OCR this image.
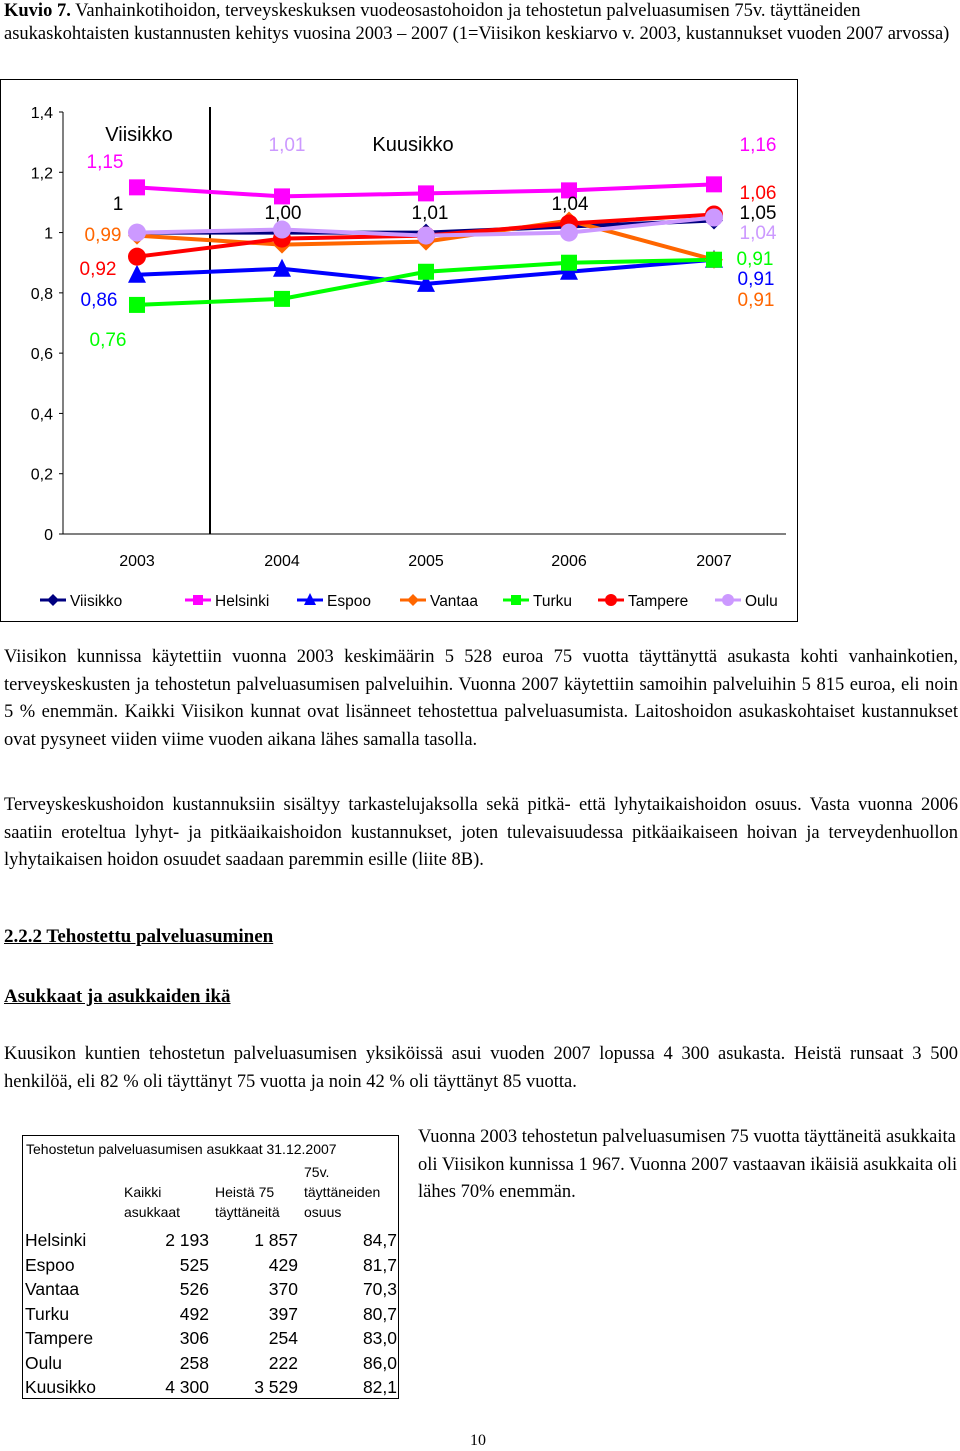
Kuvio 7. Vanhainkotihoidon, terveyskeskuksen vuodeosastohoidon ja tehostetun palveluasumisen 75v. täyttäneiden asukaskohtaisten kustannusten kehitys vuosina 2003 – 2007 (1=Viisikon keskiarvo v. 2003, kustannukset vuoden 2007 arvossa)
0
0,2
0,4
0,6
0,8
1
1,2
1,4
2003	2004	2005	2006	2007
Viisikko
1,15
1
0,99
0,92
0,86
0,76
1,01	Kuusikko	1,16
1,00	1,01	1,04
1,06
1,05
1,04
0,91
0,91
0,91
Viisikko	Helsinki	Espoo	Vantaa	Turku	Tampere	Oulu
Viisikon kunnissa käytettiin vuonna 2003 keskimäärin 5 528 euroa 75 vuotta täyttänyttä asukasta kohti vanhainkotien, terveyskeskusten ja tehostetun palveluasumisen palveluihin. Vuonna 2007 käytettiin samoihin palveluihin 5 815 euroa, eli noin 5 % enemmän. Kaikki Viisikon kunnat ovat lisänneet tehostettua palveluasumista. Laitoshoidon asukaskohtaiset kustannukset ovat pysyneet viiden viime vuoden aikana lähes samalla tasolla.
Terveyskeskushoidon kustannuksiin sisältyy tarkastelujaksolla sekä pitkä- että lyhytaikaishoidon osuus. Vasta vuonna 2006 saatiin eroteltua lyhyt- ja pitkäaikaishoidon kustannukset, joten tulevaisuudessa pitkäaikaiseen hoivan ja terveydenhuollon lyhytaikaisen hoidon osuudet saadaan paremmin esille (liite 8B).
2.2.2 Tehostettu palveluasuminen
Asukkaat ja asukkaiden ikä
Kuusikon kuntien tehostetun palveluasumisen yksiköissä asui vuoden 2007 lopussa 4 300 asukasta. Heistä runsaat 3 500 henkilöä, eli 82 % oli täyttänyt 75 vuotta ja noin 42 % oli täyttänyt 85 vuotta.
Tehostetun palveluasumisen asukkaat 31.12.2007
Kaikki asukkaat
Heistä 75 täyttäneitä
75v. täyttäneiden osuus
Helsinki	2 193	1 857	84,7
Espoo	525	429	81,7
Vantaa	526	370	70,3
Turku	492	397	80,7
Tampere	306	254	83,0
Oulu	258	222	86,0
Kuusikko	4 300	3 529	82,1
Vuonna 2003 tehostetun palveluasumisen 75 vuotta täyttäneitä asukkaita oli Viisikon kunnissa 1 967. Vuonna 2007 vastaavan ikäisiä asukkaita oli lähes 70% enemmän.
10
